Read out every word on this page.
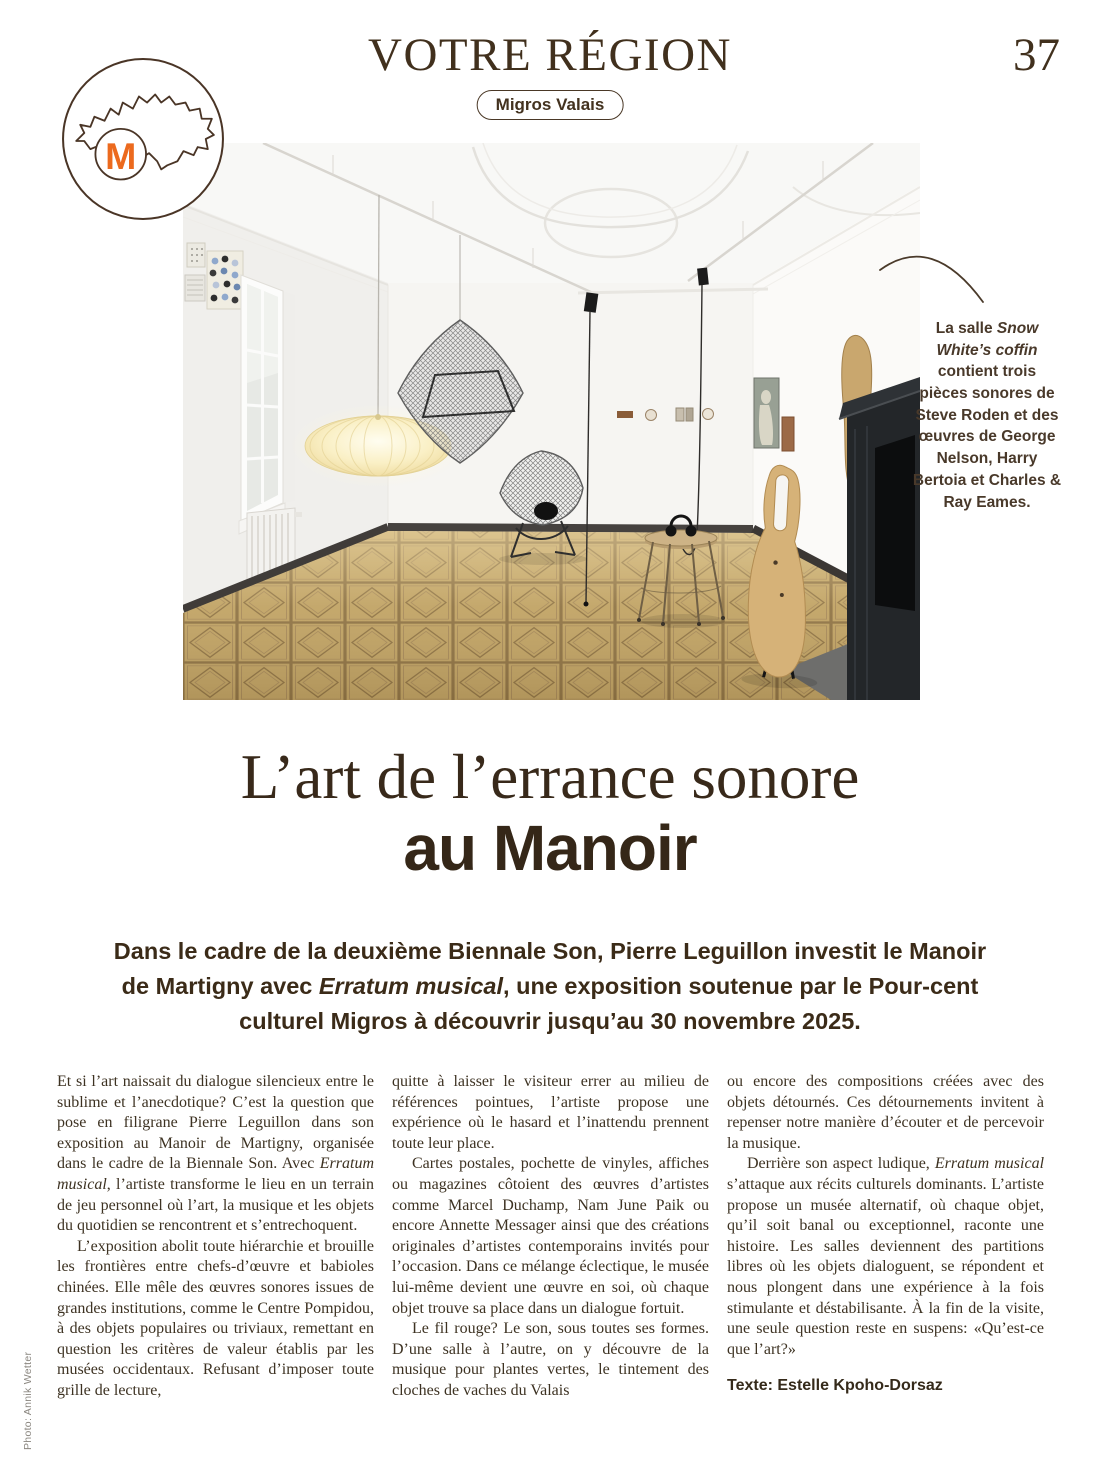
VOTRE RÉGION
Migros Valais
37
M
La salle Snow White’s coffin contient trois pièces sonores de Steve Roden et des œuvres de George Nelson, Harry Bertoia et Charles & Ray Eames.
Photo: Annik Wetter
L’art de l’errance sonore
au Manoir
Dans le cadre de la deuxième Biennale Son, Pierre Leguillon investit le Manoir de Martigny avec Erratum musical, une exposition soutenue par le Pour-cent culturel Migros à découvrir jusqu’au 30 novembre 2025.

Et si l’art naissait du dialogue silencieux entre le sublime et l’anecdotique? C’est la question que pose en filigrane Pierre Leguillon dans son exposition au Manoir de Martigny, organisée dans le cadre de la Biennale Son. Avec Erratum musical, l’artiste transforme le lieu en un terrain de jeu personnel où l’art, la musique et les objets du quotidien se rencontrent et s’entrechoquent.

L’exposition abolit toute hiérarchie et brouille les frontières entre chefs-d’œuvre et babioles chinées. Elle mêle des œuvres sonores issues de grandes institutions, comme le Centre Pompidou, à des objets populaires ou triviaux, remettant en question les critères de valeur établis par les musées occidentaux. Refusant d’imposer toute grille de lecture,

quitte à laisser le visiteur errer au milieu de références pointues, l’artiste propose une expérience où le hasard et l’inattendu prennent toute leur place.

Cartes postales, pochette de vinyles, affiches ou magazines côtoient des œuvres d’artistes comme Marcel Duchamp, Nam June Paik ou encore Annette Messager ainsi que des créations originales d’artistes contemporains invités pour l’occasion. Dans ce mélange éclectique, le musée lui-même devient une œuvre en soi, où chaque objet trouve sa place dans un dialogue fortuit.

Le fil rouge? Le son, sous toutes ses formes. D’une salle à l’autre, on y découvre de la musique pour plantes vertes, le tintement des cloches de vaches du Valais

ou encore des compositions créées avec des objets détournés. Ces détournements invitent à repenser notre manière d’écouter et de percevoir la musique.

Derrière son aspect ludique, Erratum musical s’attaque aux récits culturels dominants. L’artiste propose un musée alternatif, où chaque objet, qu’il soit banal ou exceptionnel, raconte une histoire. Les salles deviennent des partitions libres où les objets dialoguent, se répondent et nous plongent dans une expérience à la fois stimulante et déstabilisante. À la fin de la visite, une seule question reste en suspens: «Qu’est-ce que l’art?»

Texte: Estelle Kpoho-Dorsaz
